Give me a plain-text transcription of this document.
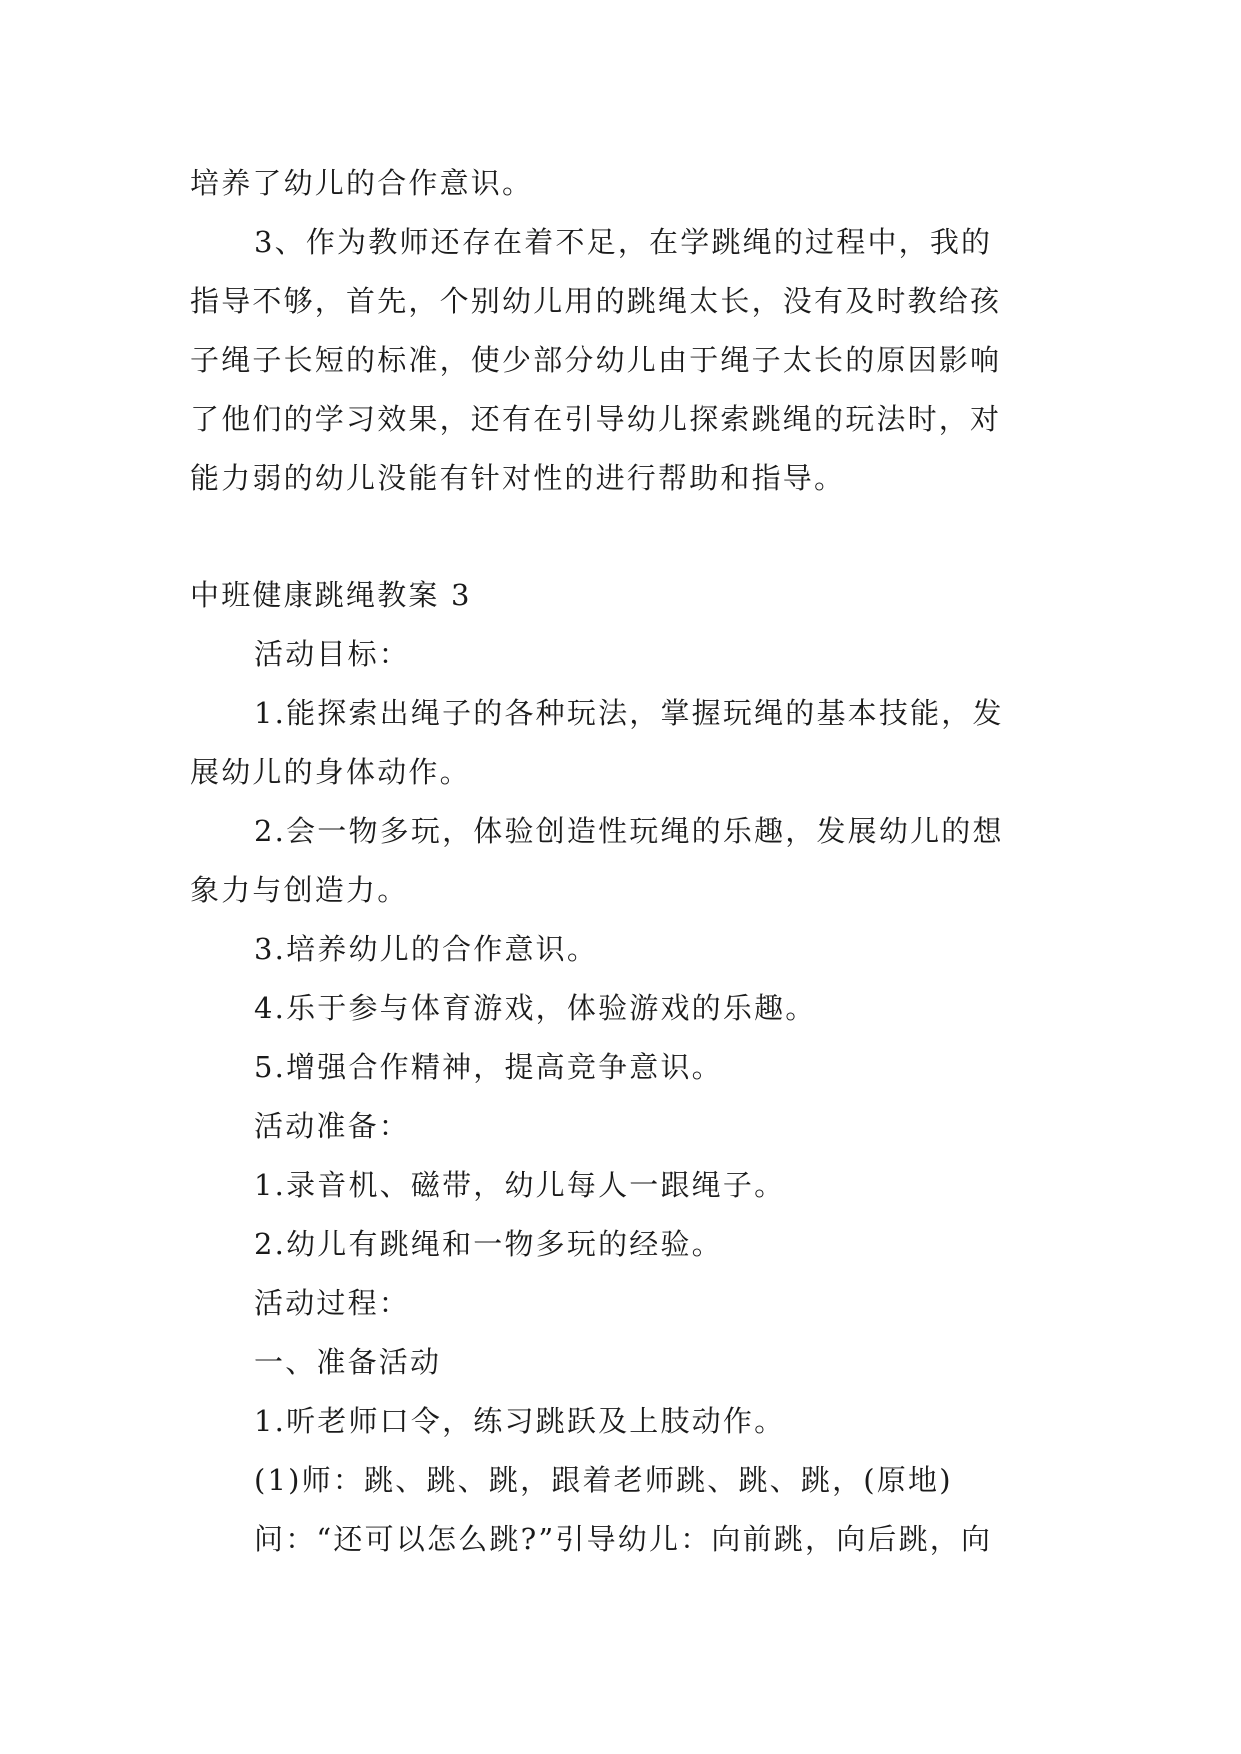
培养了幼儿的合作意识。
3、作为教师还存在着不足，在学跳绳的过程中，我的
指导不够，首先，个别幼儿用的跳绳太长，没有及时教给孩
子绳子长短的标准，使少部分幼儿由于绳子太长的原因影响
了他们的学习效果，还有在引导幼儿探索跳绳的玩法时，对
能力弱的幼儿没能有针对性的进行帮助和指导。
中班健康跳绳教案 3
活动目标：
1.能探索出绳子的各种玩法，掌握玩绳的基本技能，发
展幼儿的身体动作。
2.会一物多玩，体验创造性玩绳的乐趣，发展幼儿的想
象力与创造力。
3.培养幼儿的合作意识。
4.乐于参与体育游戏，体验游戏的乐趣。
5.增强合作精神，提高竞争意识。
活动准备：
1.录音机、磁带，幼儿每人一跟绳子。
2.幼儿有跳绳和一物多玩的经验。
活动过程：
一、准备活动
1.听老师口令，练习跳跃及上肢动作。
(1)师：跳、跳、跳，跟着老师跳、跳、跳，(原地)
问：“还可以怎么跳?”引导幼儿：向前跳，向后跳，向
